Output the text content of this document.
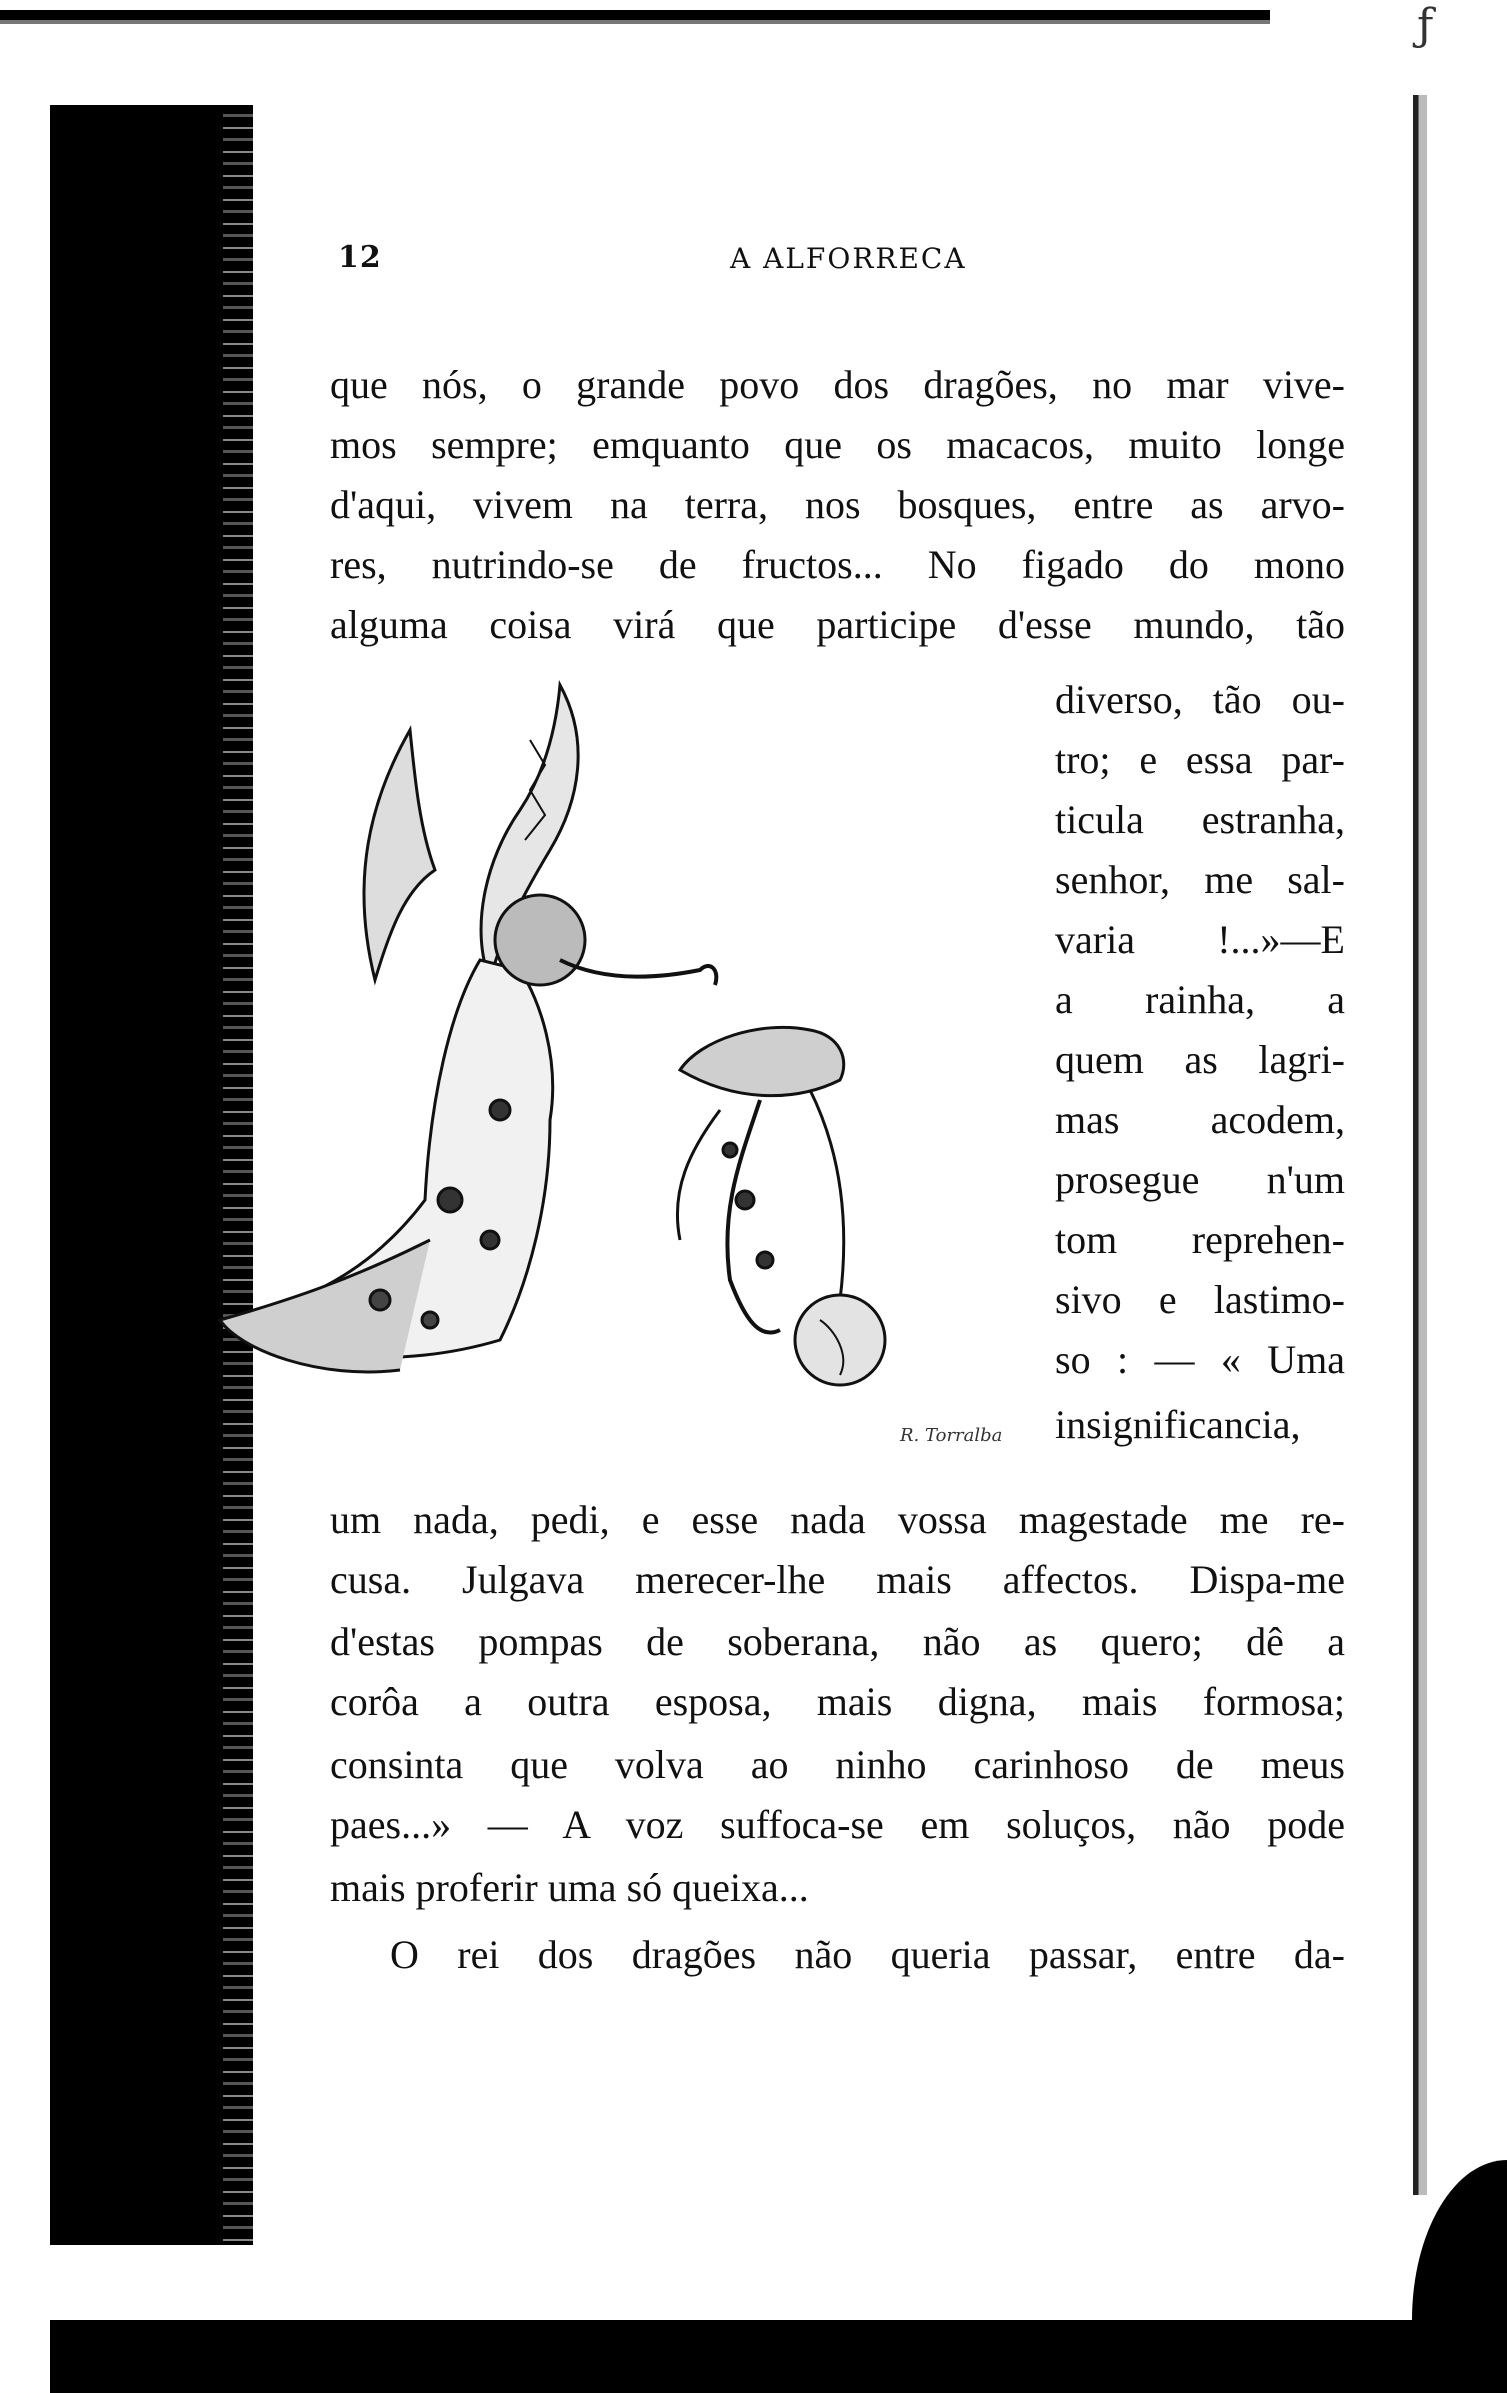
ƒ
12	A ALFORRECA
que nós, o grande povo dos dragões, no mar vive-
mos sempre; emquanto que os macacos, muito longe
d'aqui, vivem na terra, nos bosques, entre as arvo-
res, nutrindo-se de fructos... No figado do mono
alguma coisa virá que participe d'esse mundo, tão
R. Torralba
diverso, tão ou-
tro; e essa par-
ticula estranha,
senhor, me sal-
varia !...»—E
a rainha, a
quem as lagri-
mas acodem,
prosegue n'um
tom reprehen-
sivo e lastimo-
so : — « Uma
insignificancia,
um nada, pedi, e esse nada vossa magestade me re-
cusa. Julgava merecer-lhe mais affectos. Dispa-me
d'estas pompas de soberana, não as quero; dê a
corôa a outra esposa, mais digna, mais formosa;
consinta que volva ao ninho carinhoso de meus
paes...» — A voz suffoca-se em soluços, não pode
mais proferir uma só queixa...
O rei dos dragões não queria passar, entre da-
